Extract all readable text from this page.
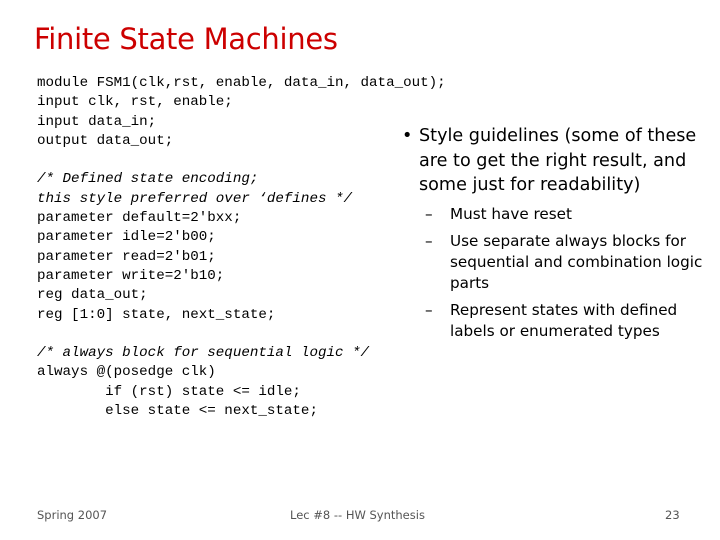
Finite State Machines
module FSM1(clk,rst, enable, data_in, data_out);
input clk, rst, enable;
input data_in;
output data_out;
/* Defined state encoding;
this style preferred over ‘defines */
parameter default=2'bxx;
parameter idle=2'b00;
parameter read=2'b01;
parameter write=2'b10;
reg data_out;
reg [1:0] state, next_state;
/* always block for sequential logic */
always @(posedge clk)
if (rst) state <= idle;
else state <= next_state;
• Style guidelines (some of these are to get the right result, and some just for readability)
– Must have reset
– Use separate always blocks for sequential and combination logic parts
– Represent states with defined labels or enumerated types
Spring 2007	Lec #8 -- HW Synthesis	23
